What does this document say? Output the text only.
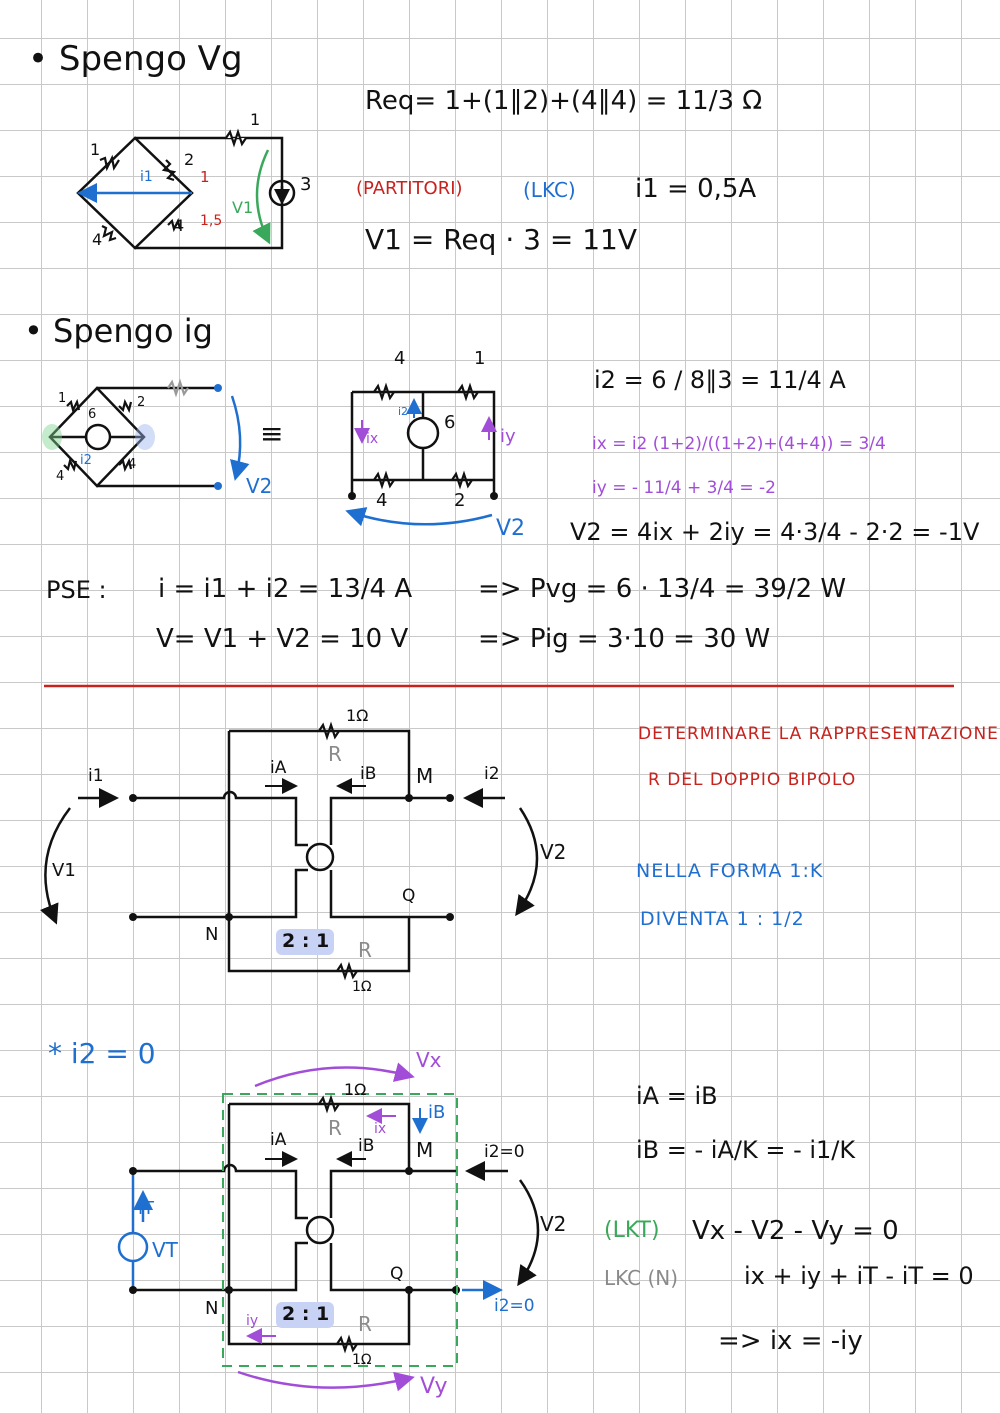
• Spengo Vg
Req= 1+(1∥2)+(4∥4) = 11/3 Ω
(PARTITORI)	(LKC) i1 = 0,5A
V1 = Req · 3 = 11V
1
2
4
4
1
3
i1	1
1,5
V1
• Spengo ig
≡
1	2
4
4
6
i2
V2
4	1
4	2
6
ix	iy
i2
V2
i2 = 6 / 8∥3 = 11/4 A
ix = i2 (1+2)/((1+2)+(4+4)) = 3/4
iy = - 11/4 + 3/4 = -2
V2 = 4ix + 2iy = 4·3/4 - 2·2 = -1V
PSE : i = i1 + i2 = 13/4 A
V= V1 + V2 = 10 V
=> Pvg = 6 · 13/4 = 39/2 W
=> Pig = 3·10 = 30 W
DETERMINARE LA RAPPRESENTAZIONE
R DEL DOPPIO BIPOLO
NELLA FORMA 1:K
DIVENTA 1 : 1/2
1Ω
R
iA	iB
i1	i2
M
N
Q
V1
V2
2 : 1 R
1Ω
* i2 = 0	Vx
Vy
1Ω
R ix
iB
iA	iB M	i2=0
iT
VT
V2
Q
N	i2=0
iy 2 : 1 R
1Ω
iA = iB
iB = - iA/K = - i1/K
(LKT) Vx - V2 - Vy = 0
LKC (N)	ix + iy + iT - iT = 0
=> ix = -iy
